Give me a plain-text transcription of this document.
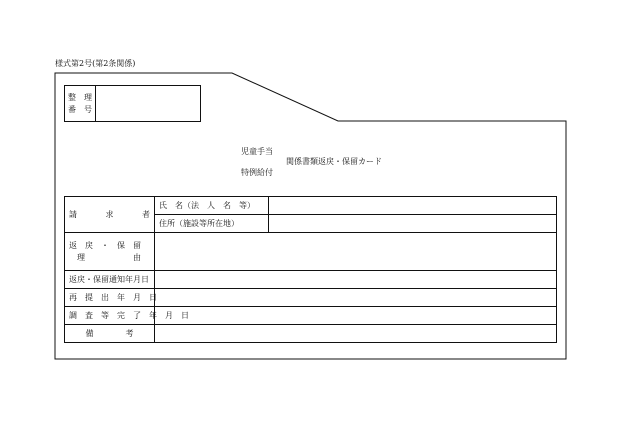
様式第2号(第2条関係)
整　理
番　号
児童手当
関係書類返戻・保留カード
特例給付
請　　　求　　　者	氏　名（法　人　名　等）	

	住所（施設等所在地）	

返　戻　・　保　留
理　　　　　　由		

返戻・保留通知年月日		

再　提　出　年　月　日		

調　査　等　完　了　年　月　日		

備　　　　考		
